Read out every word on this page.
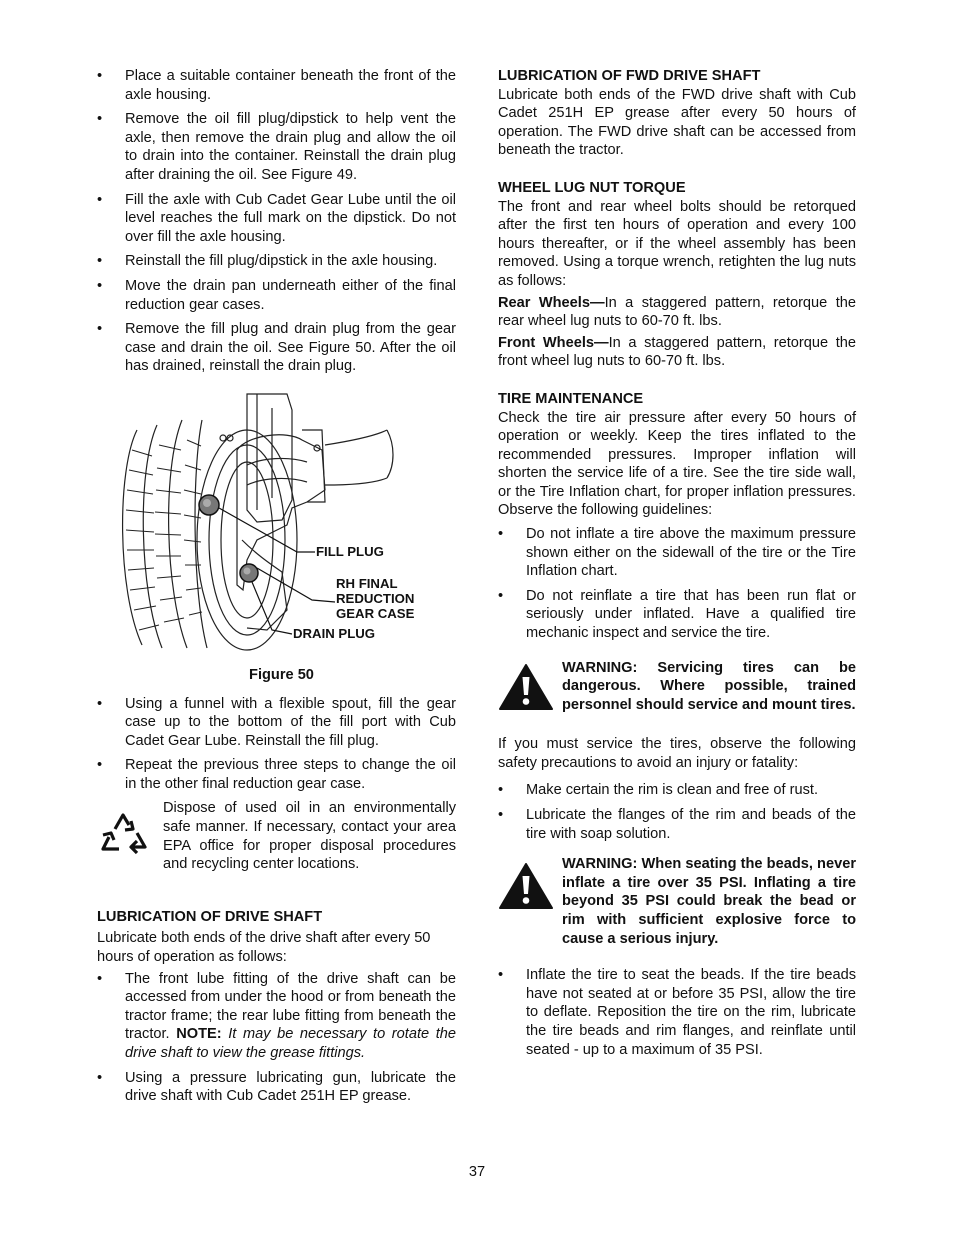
• Place a suitable container beneath the front of the axle housing.
• Remove the oil fill plug/dipstick to help vent the axle, then remove the drain plug and allow the oil to drain into the container. Reinstall the drain plug after draining the oil. See Figure 49.
• Fill the axle with Cub Cadet Gear Lube until the oil level reaches the full mark on the dipstick. Do not over fill the axle housing.
• Reinstall the fill plug/dipstick in the axle housing.
• Move the drain pan underneath either of the final reduction gear cases.
• Remove the fill plug and drain plug from the gear case and drain the oil. See Figure 50. After the oil has drained, reinstall the drain plug.
FILL PLUG
RH FINAL
REDUCTION
GEAR CASE
DRAIN PLUG
Figure 50
• Using a funnel with a flexible spout, fill the gear case up to the bottom of the fill port with Cub Cadet Gear Lube. Reinstall the fill plug.
• Repeat the previous three steps to change the oil in the other final reduction gear case.

Dispose of used oil in an environmentally safe manner. If necessary, contact your area EPA office for proper disposal procedures and recycling center locations.

LUBRICATION OF DRIVE SHAFT

Lubricate both ends of the drive shaft after every 50 hours of operation as follows:

• The front lube fitting of the drive shaft can be accessed from under the hood or from beneath the tractor frame; the rear lube fitting from beneath the tractor. NOTE: It may be necessary to rotate the drive shaft to view the grease fittings.
• Using a pressure lubricating gun, lubricate the drive shaft with Cub Cadet 251H EP grease.
LUBRICATION OF FWD DRIVE SHAFT

Lubricate both ends of the FWD drive shaft with Cub Cadet 251H EP grease after every 50 hours of operation. The FWD drive shaft can be accessed from beneath the tractor.

WHEEL LUG NUT TORQUE

The front and rear wheel bolts should be retorqued after the first ten hours of operation and every 100 hours thereafter, or if the wheel assembly has been removed. Using a torque wrench, retighten the lug nuts as follows:

Rear Wheels—In a staggered pattern, retorque the rear wheel lug nuts to 60-70 ft. lbs.

Front Wheels—In a staggered pattern, retorque the front wheel lug nuts to 60-70 ft. lbs.

TIRE MAINTENANCE

Check the tire air pressure after every 50 hours of operation or weekly. Keep the tires inflated to the recommended pressures. Improper inflation will shorten the service life of a tire. See the tire side wall, or the Tire Inflation chart, for proper inflation pressures. Observe the following guidelines:

• Do not inflate a tire above the maximum pressure shown either on the sidewall of the tire or the Tire Inflation chart.
• Do not reinflate a tire that has been run flat or seriously under inflated. Have a qualified tire mechanic inspect and service the tire.

WARNING: Servicing tires can be dangerous. Where possible, trained personnel should service and mount tires.

If you must service the tires, observe the following safety precautions to avoid an injury or fatality:

• Make certain the rim is clean and free of rust.
• Lubricate the flanges of the rim and beads of the tire with soap solution.

WARNING: When seating the beads, never inflate a tire over 35 PSI. Inflating a tire beyond 35 PSI could break the bead or rim with sufficient explosive force to cause a serious injury.

• Inflate the tire to seat the beads. If the tire beads have not seated at or before 35 PSI, allow the tire to deflate. Reposition the tire on the rim, lubricate the tire beads and rim flanges, and reinflate until seated - up to a maximum of 35 PSI.
37
